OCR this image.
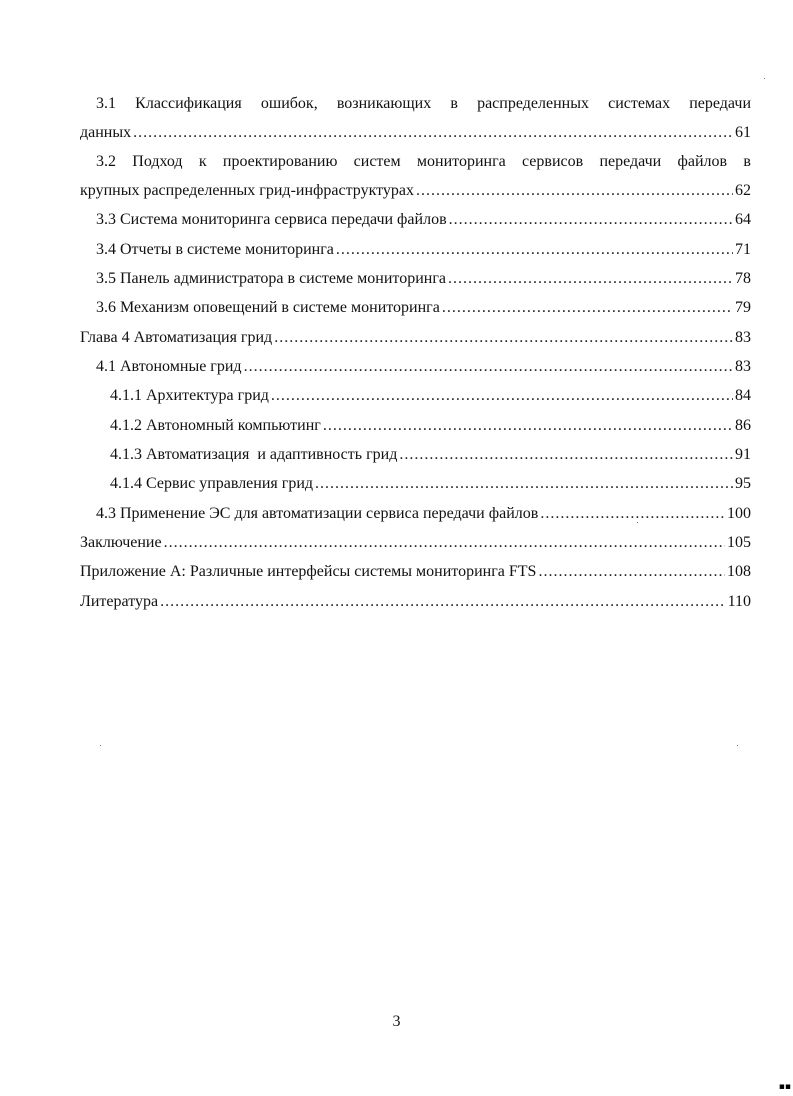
3.1 Классификация ошибок, возникающих в распределенных системах передачи
данных .....	61
3.2 Подход к проектированию систем мониторинга сервисов передачи файлов в
крупных распределенных грид-инфраструктурах .....	62
3.3 Система мониторинга сервиса передачи файлов .....	64
3.4 Отчеты в системе мониторинга .....	71
3.5 Панель администратора в системе мониторинга .....	78
3.6 Механизм оповещений в системе мониторинга .....	79
Глава 4 Автоматизация грид .....	83
4.1 Автономные грид .....	83
4.1.1 Архитектура грид .....	84
4.1.2 Автономный компьютинг .....	86
4.1.3 Автоматизация  и адаптивность грид .....	91
4.1.4 Сервис управления грид .....	95
4.3 Применение ЭС для автоматизации сервиса передачи файлов .....	100
Заключение .....	105
Приложение А: Различные интерфейсы системы мониторинга FTS .....	108
Литература .....	110
3
▪▪
